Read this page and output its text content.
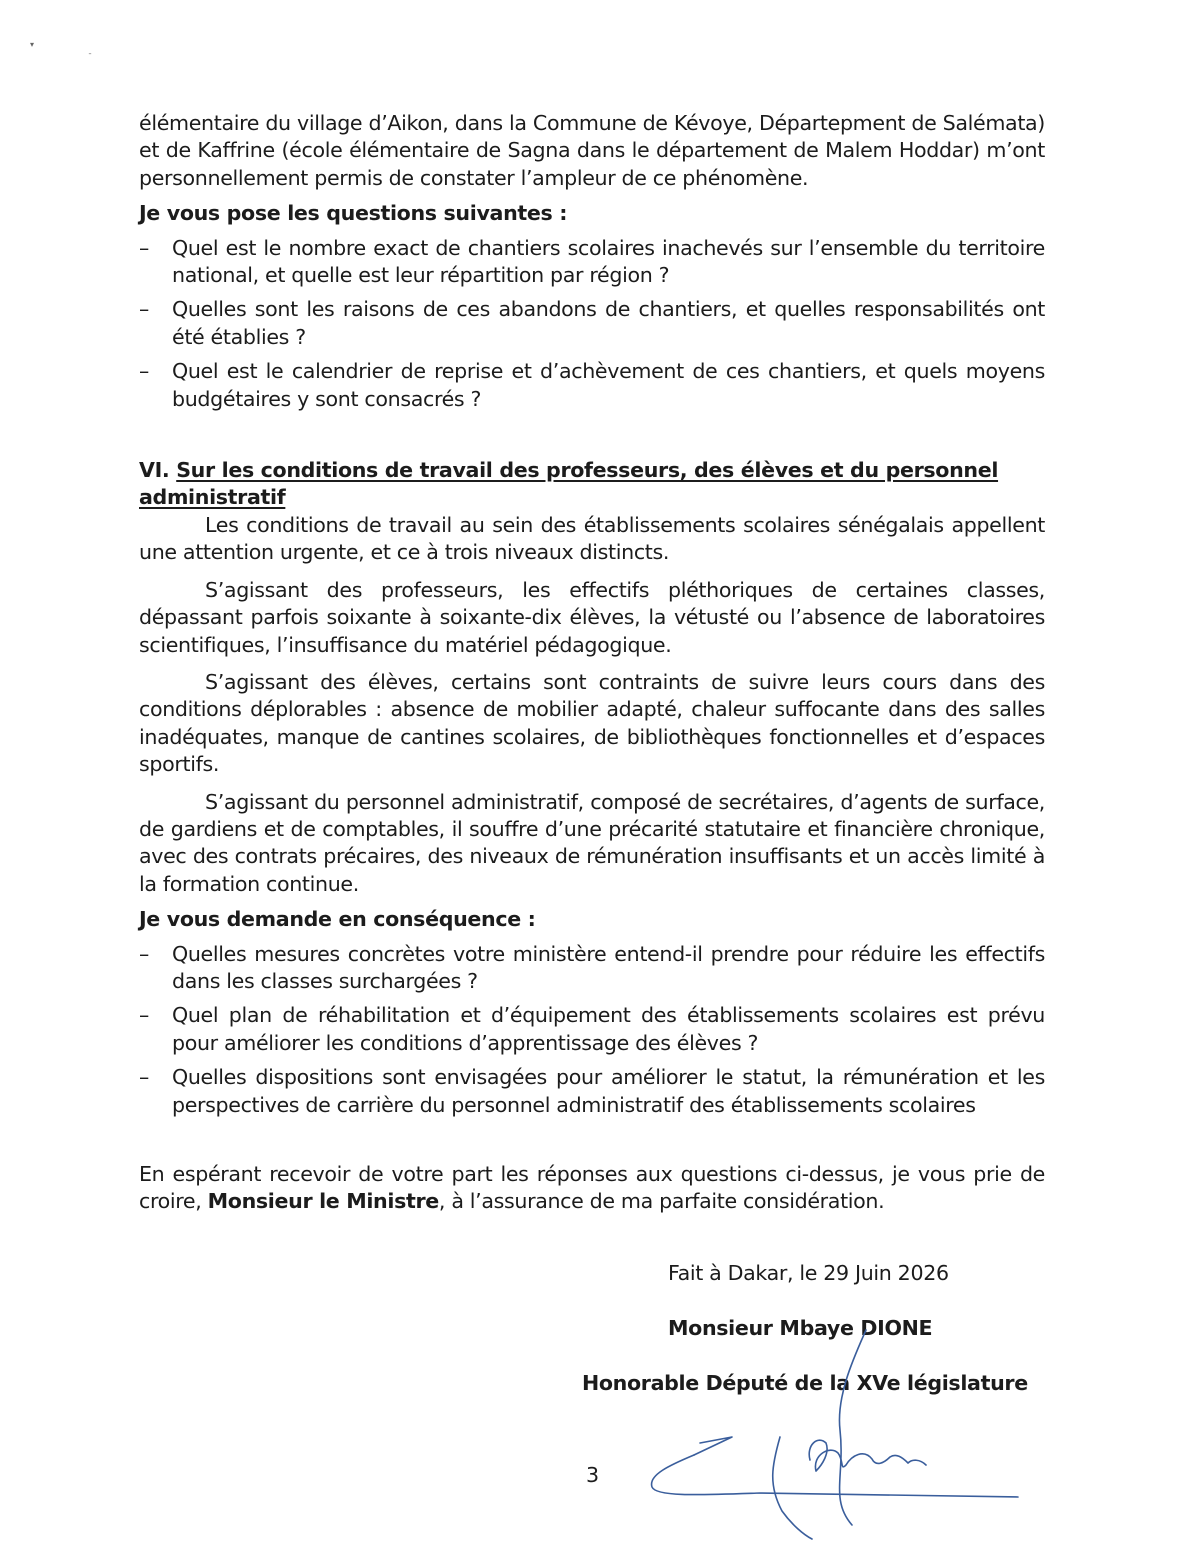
▾
ˍ

élémentaire du village d’Aikon, dans la Commune de Kévoye, Départepment de Salémata) et de Kaffrine (école élémentaire de Sagna dans le département de Malem Hoddar) m’ont personnellement permis de constater l’ampleur de ce phénomène.

Je vous pose les questions suivantes :

– Quel est le nombre exact de chantiers scolaires inachevés sur l’ensemble du territoire national, et quelle est leur répartition par région ?
– Quelles sont les raisons de ces abandons de chantiers, et quelles responsabilités ont été établies ?
– Quel est le calendrier de reprise et d’achèvement de ces chantiers, et quels moyens budgétaires y sont consacrés ?
VI. Sur les conditions de travail des professeurs, des élèves et du personnel administratif

Les conditions de travail au sein des établissements scolaires sénégalais appellent une attention urgente, et ce à trois niveaux distincts.

S’agissant des professeurs, les effectifs pléthoriques de certaines classes, dépassant parfois soixante à soixante-dix élèves, la vétusté ou l’absence de laboratoires scientifiques, l’insuffisance du matériel pédagogique.

S’agissant des élèves, certains sont contraints de suivre leurs cours dans des conditions déplorables : absence de mobilier adapté, chaleur suffocante dans des salles inadéquates, manque de cantines scolaires, de bibliothèques fonctionnelles et d’espaces sportifs.

S’agissant du personnel administratif, composé de secrétaires, d’agents de surface, de gardiens et de comptables, il souffre d’une précarité statutaire et financière chronique, avec des contrats précaires, des niveaux de rémunération insuffisants et un accès limité à la formation continue.

Je vous demande en conséquence :

– Quelles mesures concrètes votre ministère entend-il prendre pour réduire les effectifs dans les classes surchargées ?
– Quel plan de réhabilitation et d’équipement des établissements scolaires est prévu pour améliorer les conditions d’apprentissage des élèves ?
– Quelles dispositions sont envisagées pour améliorer le statut, la rémunération et les perspectives de carrière du personnel administratif des établissements scolaires

En espérant recevoir de votre part les réponses aux questions ci-dessus, je vous prie de croire, Monsieur le Ministre, à l’assurance de ma parfaite considération.

Fait à Dakar, le 29 Juin 2026
Monsieur Mbaye DIONE
Honorable Député de la XVe législature
3
